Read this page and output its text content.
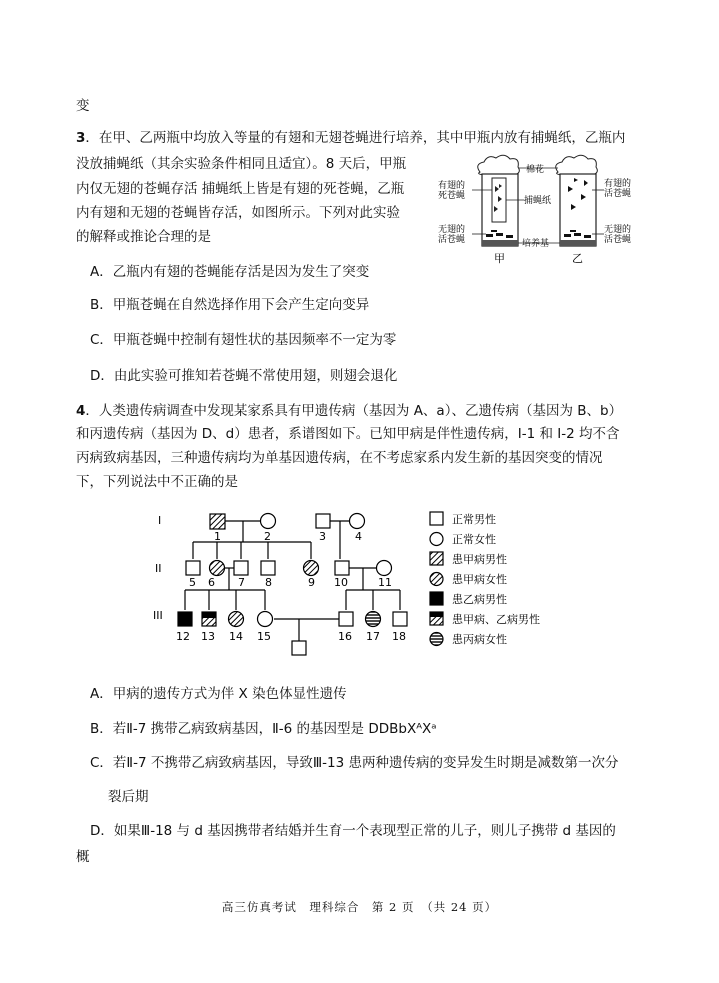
变
3．在甲、乙两瓶中均放入等量的有翅和无翅苍蝇进行培养，其中甲瓶内放有捕蝇纸，乙瓶内
没放捕蝇纸（其余实验条件相同且适宜）。8 天后，甲瓶
内仅无翅的苍蝇存活 捕蝇纸上皆是有翅的死苍蝇，乙瓶
内有翅和无翅的苍蝇皆存活，如图所示。下列对此实验
的解释或推论合理的是
棉花
有翅的
死苍蝇	捕蝇纸
无翅的
活苍蝇	培养基
有翅的
活苍蝇
无翅的
活苍蝇
甲	乙
A．乙瓶内有翅的苍蝇能存活是因为发生了突变
B．甲瓶苍蝇在自然选择作用下会产生定向变异
C．甲瓶苍蝇中控制有翅性状的基因频率不一定为零
D．由此实验可推知若苍蝇不常使用翅，则翅会退化
4．人类遗传病调查中发现某家系具有甲遗传病（基因为 A、a）、乙遗传病（基因为 B、b）
和丙遗传病（基因为 D、d）患者，系谱图如下。已知甲病是伴性遗传病，I-1 和 I-2 均不含
丙病致病基因，三种遗传病均为单基因遗传病，在不考虑家系内发生新的基因突变的情况
下，下列说法中不正确的是
I
II
III
1	2	3	4
5 6 7 8	9 10	11
12 13 14 15	16 17 18
正常男性
正常女性
患甲病男性
患甲病女性
患乙病男性
患甲病、乙病男性
患丙病女性
A．甲病的遗传方式为伴 X 染色体显性遗传
B．若Ⅱ-7 携带乙病致病基因，Ⅱ-6 的基因型是 DDBbXᴬXᵃ
C．若Ⅱ-7 不携带乙病致病基因，导致Ⅲ-13 患两种遗传病的变异发生时期是减数第一次分
裂后期
D．如果Ⅲ-18 与 d 基因携带者结婚并生育一个表现型正常的儿子，则儿子携带 d 基因的
概
高三仿真考试　理科综合　第 2 页　（共 24 页）
